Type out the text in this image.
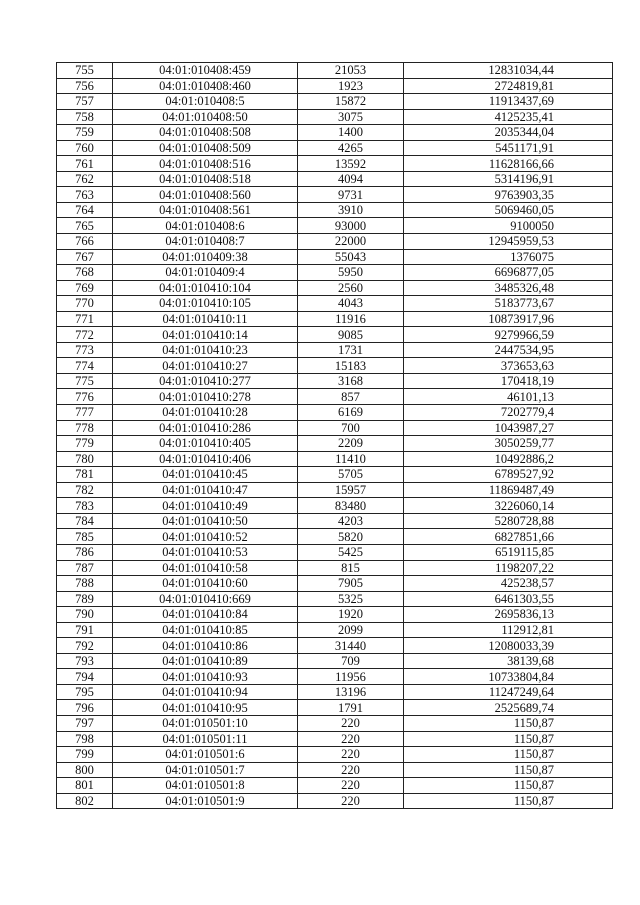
755	04:01:010408:459	21053	12831034,44
756	04:01:010408:460	1923	2724819,81
757	04:01:010408:5	15872	11913437,69
758	04:01:010408:50	3075	4125235,41
759	04:01:010408:508	1400	2035344,04
760	04:01:010408:509	4265	5451171,91
761	04:01:010408:516	13592	11628166,66
762	04:01:010408:518	4094	5314196,91
763	04:01:010408:560	9731	9763903,35
764	04:01:010408:561	3910	5069460,05
765	04:01:010408:6	93000	9100050
766	04:01:010408:7	22000	12945959,53
767	04:01:010409:38	55043	1376075
768	04:01:010409:4	5950	6696877,05
769	04:01:010410:104	2560	3485326,48
770	04:01:010410:105	4043	5183773,67
771	04:01:010410:11	11916	10873917,96
772	04:01:010410:14	9085	9279966,59
773	04:01:010410:23	1731	2447534,95
774	04:01:010410:27	15183	373653,63
775	04:01:010410:277	3168	170418,19
776	04:01:010410:278	857	46101,13
777	04:01:010410:28	6169	7202779,4
778	04:01:010410:286	700	1043987,27
779	04:01:010410:405	2209	3050259,77
780	04:01:010410:406	11410	10492886,2
781	04:01:010410:45	5705	6789527,92
782	04:01:010410:47	15957	11869487,49
783	04:01:010410:49	83480	3226060,14
784	04:01:010410:50	4203	5280728,88
785	04:01:010410:52	5820	6827851,66
786	04:01:010410:53	5425	6519115,85
787	04:01:010410:58	815	1198207,22
788	04:01:010410:60	7905	425238,57
789	04:01:010410:669	5325	6461303,55
790	04:01:010410:84	1920	2695836,13
791	04:01:010410:85	2099	112912,81
792	04:01:010410:86	31440	12080033,39
793	04:01:010410:89	709	38139,68
794	04:01:010410:93	11956	10733804,84
795	04:01:010410:94	13196	11247249,64
796	04:01:010410:95	1791	2525689,74
797	04:01:010501:10	220	1150,87
798	04:01:010501:11	220	1150,87
799	04:01:010501:6	220	1150,87
800	04:01:010501:7	220	1150,87
801	04:01:010501:8	220	1150,87
802	04:01:010501:9	220	1150,87
